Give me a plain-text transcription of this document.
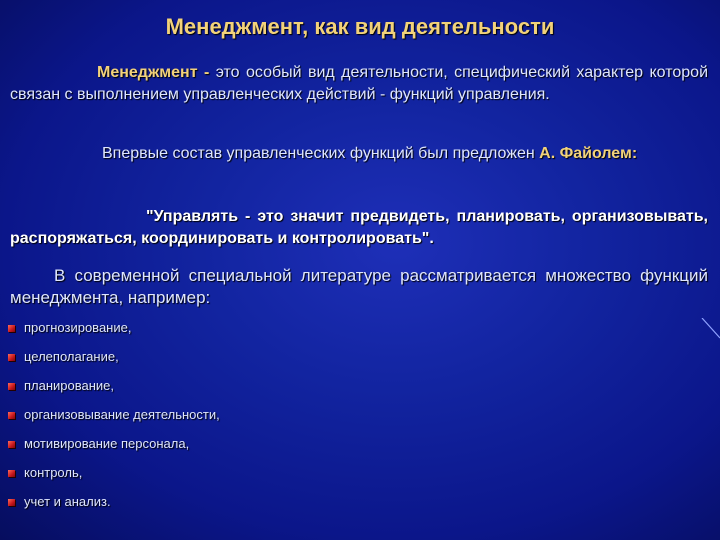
Менеджмент, как вид деятельности
Менеджмент - это особый вид деятельности, специфический характер которой связан с выполнением управленческих действий - функций управления.
Впервые состав управленческих функций был предложен А. Файолем:
"Управлять - это значит предвидеть, планировать, организовывать, распоряжаться, координировать и контролировать".
В современной специальной литературе рассматривается множество функций менеджмента, например:
прогнозирование,
целеполагание,
планирование,
организовывание деятельности,
мотивирование персонала,
контроль,
учет и анализ.
